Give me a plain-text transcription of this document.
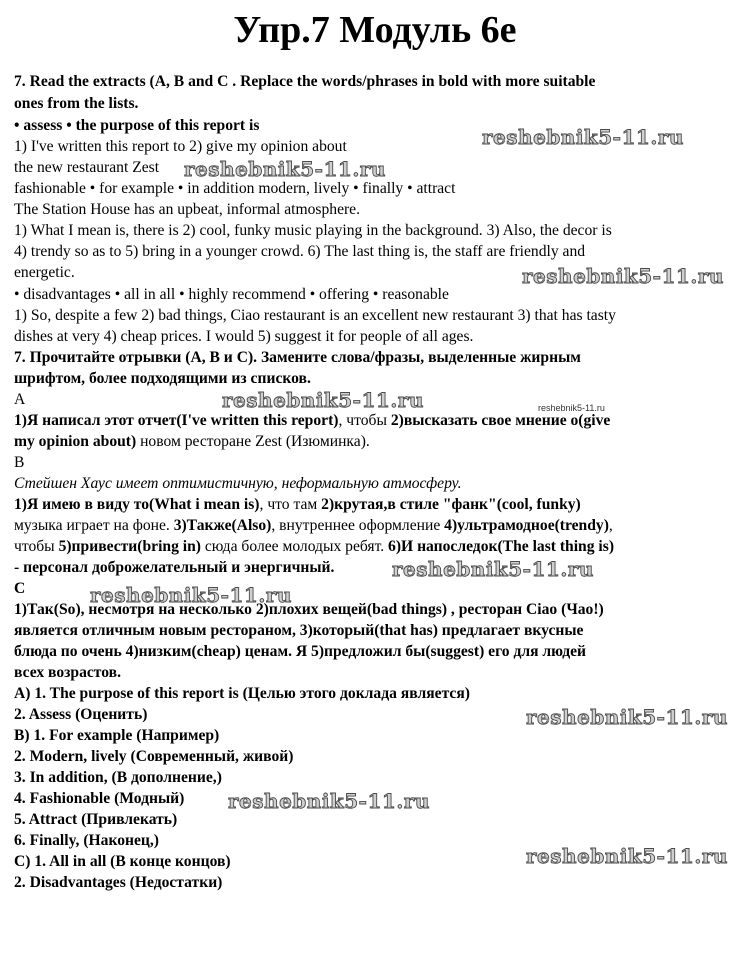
Упр.7 Модуль 6е
7. Read the extracts (A, B and C . Replace the words/phrases in bold with more suitable
ones from the lists.
• assess • the purpose of this report is
1) I've written this report to 2) give my opinion about
the new restaurant Zest
fashionable • for example • in addition modern, lively • finally • attract
The Station House has an upbeat, informal atmosphere.
1) What I mean is, there is 2) cool, funky music playing in the background. 3) Also, the decor is
4) trendy so as to 5) bring in a younger crowd. 6) The last thing is, the staff are friendly and
energetic.
• disadvantages • all in all • highly recommend • offering • reasonable
1) So, despite a few 2) bad things, Ciao restaurant is an excellent new restaurant 3) that has tasty
dishes at very 4) cheap prices. I would 5) suggest it for people of all ages.
7. Прочитайте отрывки (A, B и C). Замените слова/фразы, выделенные жирным
шрифтом, более подходящими из списков.
A
1)Я написал этот отчет(I've written this report), чтобы 2)высказать свое мнение о(give
my opinion about) новом ресторане Zest (Изюминка).
B
Стейшен Хаус имеет оптимистичную, неформальную атмосферу.
1)Я имею в виду то(What i mean is), что там 2)крутая,в стиле "фанк"(cool, funky)
музыка играет на фоне. 3)Также(Also), внутреннее оформление 4)ультрамодное(trendy),
чтобы 5)привести(bring in) сюда более молодых ребят. 6)И напоследок(The last thing is)
- персонал доброжелательный и энергичный.
C
1)Так(So), несмотря на несколько 2)плохих вещей(bad things) , ресторан Ciao (Чао!)
является отличным новым рестораном, 3)который(that has) предлагает вкусные
блюда по очень 4)низким(cheap) ценам. Я 5)предложил бы(suggest) его для людей
всех возрастов.
A) 1. The purpose of this report is (Целью этого доклада является)
2. Assess (Оценить)
B) 1. For example (Например)
2. Modern, lively (Современный, живой)
3. In addition, (В дополнение,)
4. Fashionable (Модный)
5. Attract (Привлекать)
6. Finally, (Наконец,)
C) 1. All in all (В конце концов)
2. Disadvantages (Недостатки)
reshebnik5-11.ru
reshebnik5-11.ru
reshebnik5-11.ru
reshebnik5-11.ru	reshebnik5-11.ru
reshebnik5-11.ru
reshebnik5-11.ru
reshebnik5-11.ru
reshebnik5-11.ru
reshebnik5-11.ru
